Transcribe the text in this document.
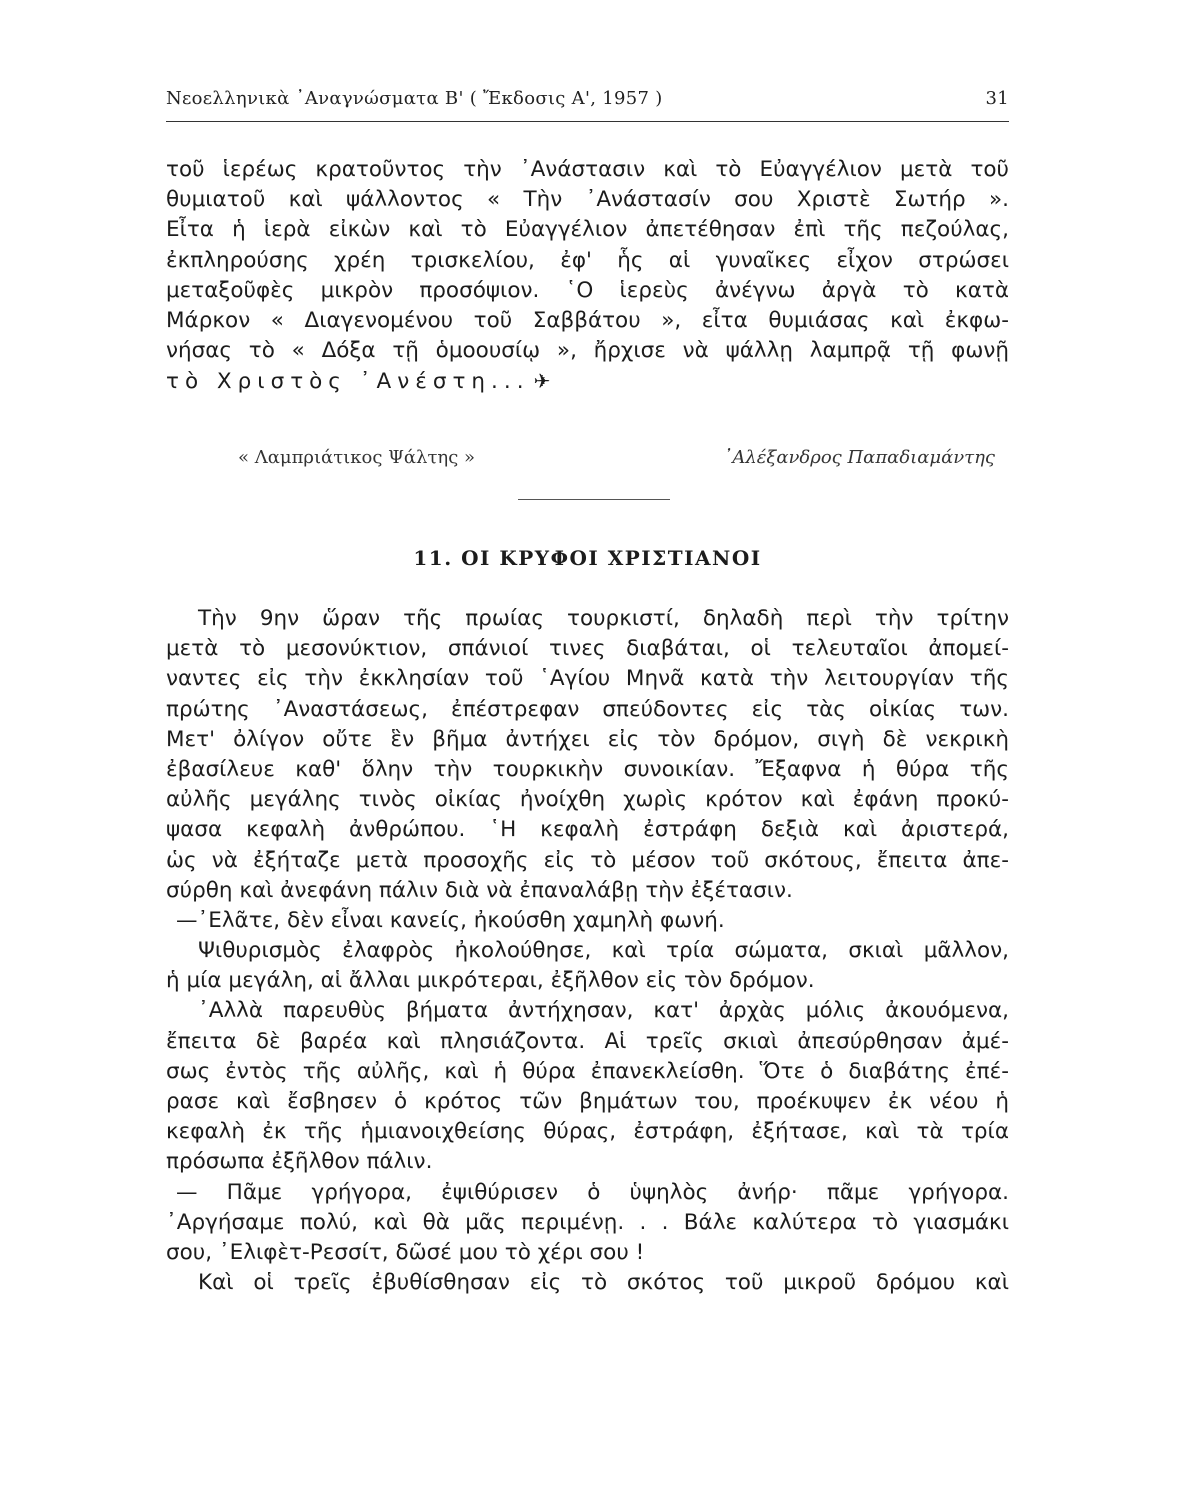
Νεοελληνικὰ ᾿Αναγνώσματα Β' ( Ἔκδοσις Α', 1957 )	31
τοῦ ἱερέως κρατοῦντος τὴν ᾿Ανάστασιν καὶ τὸ Εὐαγγέλιον μετὰ τοῦ
θυμιατοῦ καὶ ψάλλοντος « Τὴν ᾿Ανάστασίν σου Χριστὲ Σωτήρ ».
Εἶτα ἡ ἱερὰ εἰκὼν καὶ τὸ Εὐαγγέλιον ἀπετέθησαν ἐπὶ τῆς πεζούλας,
ἐκπληρούσης χρέη τρισκελίου, ἐφ' ἧς αἱ γυναῖκες εἶχον στρώσει
μεταξοῦφὲς μικρὸν προσόψιον. ῾Ο ἱερεὺς ἀνέγνω ἀργὰ τὸ κατὰ
Μάρκον « Διαγενομένου τοῦ Σαββάτου », εἶτα θυμιάσας καὶ ἐκφω-
νήσας τὸ « Δόξα τῇ ὁμοουσίῳ », ἤρχισε νὰ ψάλλῃ λαμπρᾷ τῇ φωνῇ
τὸ Χριστὸς ᾿Ανέστη... ✈
« Λαμπριάτικος Ψάλτης »	᾿Αλέξανδρος Παπαδιαμάντης
11. ΟΙ ΚΡΥΦΟΙ ΧΡΙΣΤΙΑΝΟΙ
Τὴν 9ην ὥραν τῆς πρωίας τουρκιστί, δηλαδὴ περὶ τὴν τρίτην
μετὰ τὸ μεσονύκτιον, σπάνιοί τινες διαβάται, οἱ τελευταῖοι ἀπομεί-
ναντες εἰς τὴν ἐκκλησίαν τοῦ ῾Αγίου Μηνᾶ κατὰ τὴν λειτουργίαν τῆς
πρώτης ᾿Αναστάσεως, ἐπέστρεφαν σπεύδοντες εἰς τὰς οἰκίας των.
Μετ' ὀλίγον οὔτε ἓν βῆμα ἀντήχει εἰς τὸν δρόμον, σιγὴ δὲ νεκρικὴ
ἐβασίλευε καθ' ὅλην τὴν τουρκικὴν συνοικίαν. Ἔξαφνα ἡ θύρα τῆς
αὐλῆς μεγάλης τινὸς οἰκίας ἠνοίχθη χωρὶς κρότον καὶ ἐφάνη προκύ-
ψασα κεφαλὴ ἀνθρώπου. ῾Η κεφαλὴ ἐστράφη δεξιὰ καὶ ἀριστερά,
ὡς νὰ ἐξήταζε μετὰ προσοχῆς εἰς τὸ μέσον τοῦ σκότους, ἔπειτα ἀπε-
σύρθη καὶ ἀνεφάνη πάλιν διὰ νὰ ἐπαναλάβῃ τὴν ἐξέτασιν.
—᾿Ελᾶτε, δὲν εἶναι κανείς, ἠκούσθη χαμηλὴ φωνή.
Ψιθυρισμὸς ἐλαφρὸς ἠκολούθησε, καὶ τρία σώματα, σκιαὶ μᾶλλον,
ἡ μία μεγάλη, αἱ ἄλλαι μικρότεραι, ἐξῆλθον εἰς τὸν δρόμον.
᾿Αλλὰ παρευθὺς βήματα ἀντήχησαν, κατ' ἀρχὰς μόλις ἀκουόμενα,
ἔπειτα δὲ βαρέα καὶ πλησιάζοντα. Αἱ τρεῖς σκιαὶ ἀπεσύρθησαν ἀμέ-
σως ἐντὸς τῆς αὐλῆς, καὶ ἡ θύρα ἐπανεκλείσθη. Ὅτε ὁ διαβάτης ἐπέ-
ρασε καὶ ἔσβησεν ὁ κρότος τῶν βημάτων του, προέκυψεν ἐκ νέου ἡ
κεφαλὴ ἐκ τῆς ἡμιανοιχθείσης θύρας, ἐστράφη, ἐξήτασε, καὶ τὰ τρία
πρόσωπα ἐξῆλθον πάλιν.
— Πᾶμε γρήγορα, ἐψιθύρισεν ὁ ὑψηλὸς ἀνήρ· πᾶμε γρήγορα.
᾿Αργήσαμε πολύ, καὶ θὰ μᾶς περιμένῃ. . . Βάλε καλύτερα τὸ γιασμάκι
σου, ᾿Ελιφὲτ-Ρεσσίτ, δῶσέ μου τὸ χέρι σου !
Καὶ οἱ τρεῖς ἐβυθίσθησαν εἰς τὸ σκότος τοῦ μικροῦ δρόμου καὶ
